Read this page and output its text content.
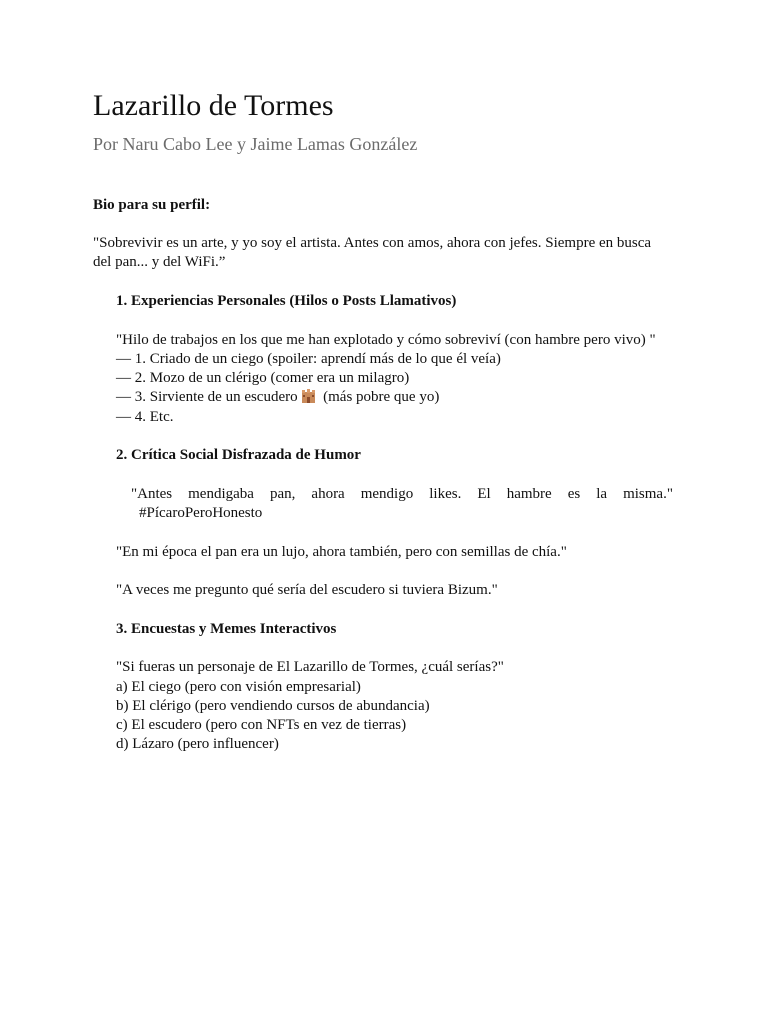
Lazarillo de Tormes
Por Naru Cabo Lee y Jaime Lamas González
Bio para su perfil:
"Sobrevivir es un arte, y yo soy el artista. Antes con amos, ahora con jefes. Siempre en busca
del pan... y del WiFi.”
1. Experiencias Personales (Hilos o Posts Llamativos)
"Hilo de trabajos en los que me han explotado y cómo sobreviví (con hambre pero vivo) "
— 1. Criado de un ciego (spoiler: aprendí más de lo que él veía)
— 2. Mozo de un clérigo (comer era un milagro)
— 3. Sirviente de un escudero (más pobre que yo)
— 4. Etc.
2. Crítica Social Disfrazada de Humor
"Antes mendigaba pan, ahora mendigo likes. El hambre es la misma."
#PícaroPeroHonesto
"En mi época el pan era un lujo, ahora también, pero con semillas de chía."
"A veces me pregunto qué sería del escudero si tuviera Bizum."
3. Encuestas y Memes Interactivos
"Si fueras un personaje de El Lazarillo de Tormes, ¿cuál serías?"
a) El ciego (pero con visión empresarial)
b) El clérigo (pero vendiendo cursos de abundancia)
c) El escudero (pero con NFTs en vez de tierras)
d) Lázaro (pero influencer)
